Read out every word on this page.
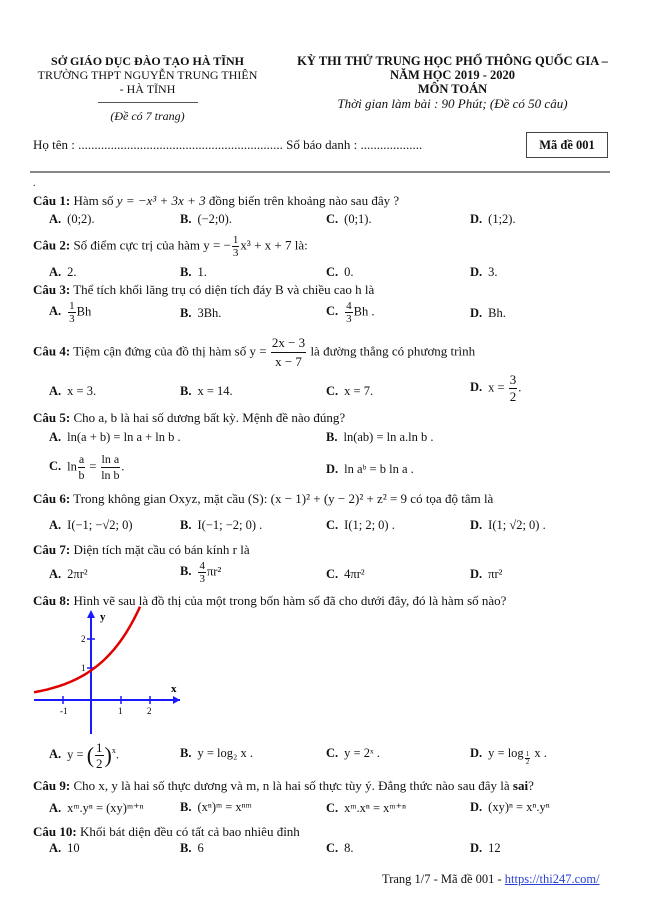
SỞ GIÁO DỤC ĐÀO TẠO HÀ TĨNH
TRƯỜNG THPT NGUYỄN TRUNG THIÊN
- HÀ TĨNH
(Đề có 7 trang)
KỲ THI THỬ TRUNG HỌC PHỔ THÔNG QUỐC GIA –
NĂM HỌC 2019 - 2020
MÔN TOÁN
Thời gian làm bài : 90 Phút; (Đề có 50 câu)
Họ tên : ............................................................... Số báo danh : ...................	Mã đề 001
.
Câu 1: Hàm số y = −x³ + 3x + 3 đồng biến trên khoảng nào sau đây ?
A. (0;2).	B. (−2;0).	C. (0;1).	D. (1;2).
Câu 2: Số điểm cực trị của hàm y = − $\frac{1}{3} x^3 + x + 7$ là:
A. 2.	B. 1.	C. 0.	D. 3.
Câu 3: Thể tích khối lăng trụ có diện tích đáy B và chiều cao h là
A. $\frac{1}{3}$ Bh	B. 3Bh.	C. $\frac{4}{3}$ Bh .	D. Bh.
Câu 4: Tiệm cận đứng của đồ thị hàm số $y = \frac{2x - 3}{x - 7}$ là đường thẳng có phương trình
A. x = 3.	B. x = 14.	C. x = 7.	D. $x = \frac{3}{2}$ .
Câu 5: Cho a, b là hai số dương bất kỳ. Mệnh đề nào đúng?
A. ln(a + b) = ln a + ln b .	B. ln(ab) = ln a.ln b .
C. $\ln \frac{a}{b} = \frac{\text{ln a}}{\text{ln b}}$ .	D. ln aᵇ = b ln a .
Câu 6: Trong không gian Oxyz, mặt cầu (S): (x − 1)² + (y − 2)² + z² = 9 có tọa độ tâm là
A. I(−1; −√2; 0)	B. I(−1; −2; 0) .	C. I(1; 2; 0) .	D. I(1; √2; 0) .
Câu 7: Diện tích mặt cầu có bán kính r là
A. 2πr²	B. $\frac{4}{3} \pi r^2$	C. 4πr²	D. πr²
Câu 8: Hình vẽ sau là đồ thị của một trong bốn hàm số đã cho dưới đây, đó là hàm số nào?
-1	1	2
1
2
x
y
A. y = ( $\frac{1}{2} )^x$.	B. y = log₂ x .	C. y = 2ˣ .	D. y = log $_{\frac{1}{2}}$ x .
Câu 9: Cho x, y là hai số thực dương và m, n là hai số thực tùy ý. Đẳng thức nào sau đây là sai?
A. xᵐ.yⁿ = (xy)ᵐ⁺ⁿ	B. (xⁿ)ᵐ = xⁿᵐ	C. xᵐ.xⁿ = xᵐ⁺ⁿ	D. (xy)ⁿ = xⁿ.yⁿ
Câu 10: Khối bát diện đều có tất cả bao nhiêu đỉnh
A. 10	B. 6	C. 8.	D. 12
Trang 1/7 - Mã đề 001 - https://thi247.com/
